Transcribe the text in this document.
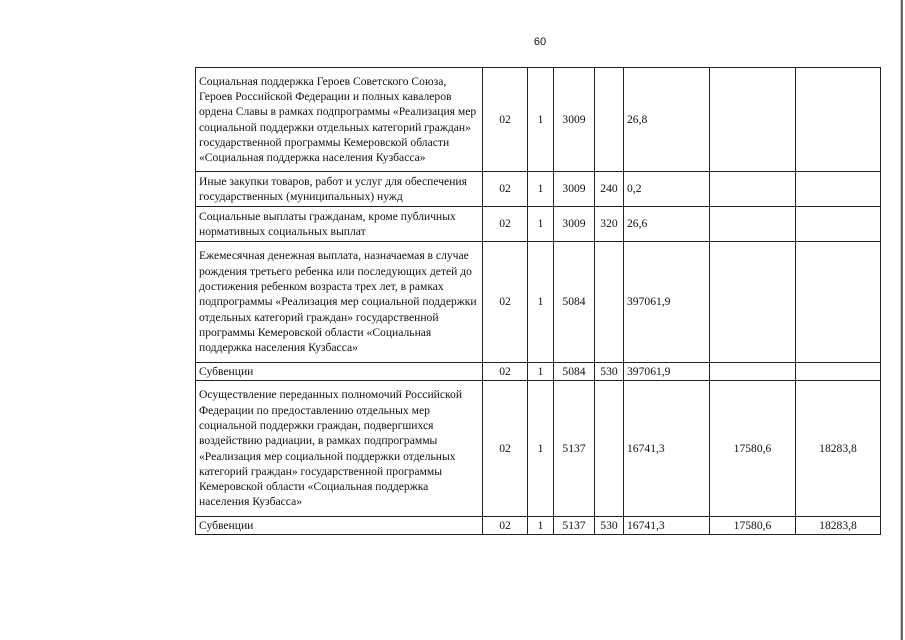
60
Социальная поддержка Героев Советского Союза, Героев Российской Федерации и полных кавалеров ордена Славы в рамках подпрограммы «Реализация мер социальной поддержки отдельных категорий граждан» государственной программы Кемеровской области «Социальная поддержка населения Кузбасса»	02	1	3009		26,8		
Иные закупки товаров, работ и услуг для обеспечения государственных (муниципальных) нужд	02	1	3009	240	0,2		
Социальные выплаты гражданам, кроме публичных нормативных социальных выплат	02	1	3009	320	26,6		
Ежемесячная денежная выплата, назначаемая в случае рождения третьего ребенка или последующих детей до достижения ребенком возраста трех лет, в рамках подпрограммы «Реализация мер социальной поддержки отдельных категорий граждан» государственной программы Кемеровской области «Социальная поддержка населения Кузбасса»	02	1	5084		397061,9		
Субвенции	02	1	5084	530	397061,9		
Осуществление переданных полномочий Российской Федерации по предоставлению отдельных мер социальной поддержки граждан, подвергшихся воздействию радиации, в рамках подпрограммы «Реализация мер социальной поддержки отдельных категорий граждан» государственной программы Кемеровской области «Социальная поддержка населения Кузбасса»	02	1	5137		16741,3	17580,6	18283,8
Субвенции	02	1	5137	530	16741,3	17580,6	18283,8
